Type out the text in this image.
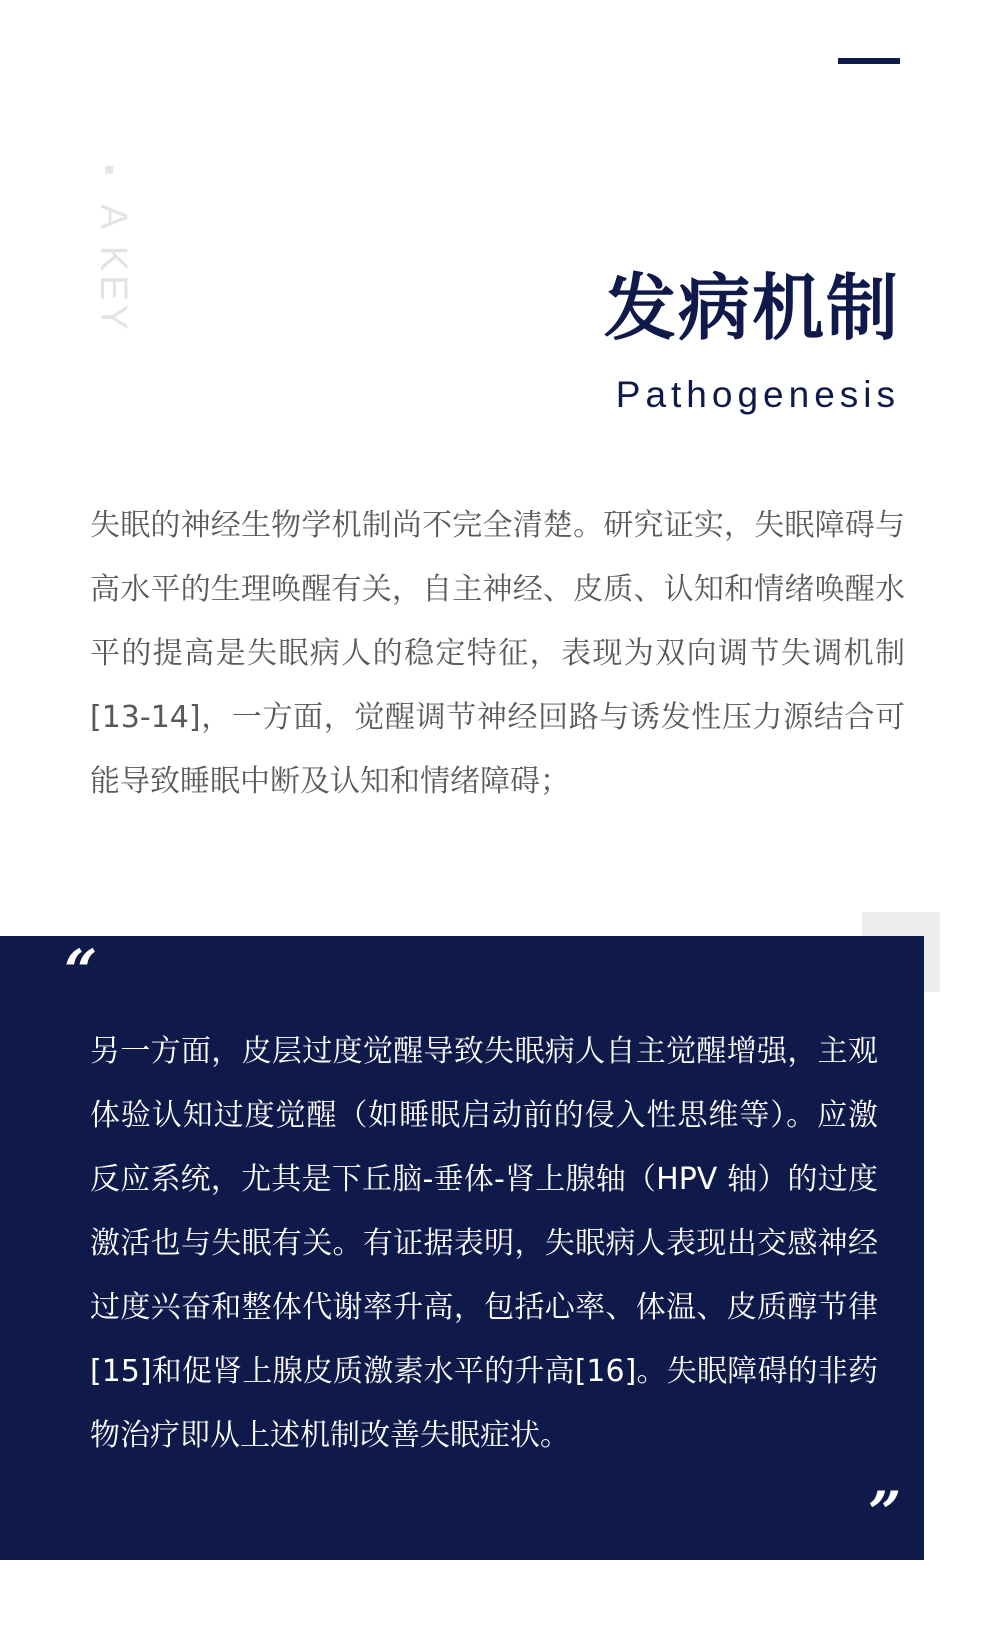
A KEY	发病机制
Pathogenesis

失眠的神经生物学机制尚不完全清楚。研究证实，失眠障碍与高水平的生理唤醒有关，自主神经、皮质、认知和情绪唤醒水平的提高是失眠病人的稳定特征，表现为双向调节失调机制[13-14]，一方面，觉醒调节神经回路与诱发性压力源结合可能导致睡眠中断及认知和情绪障碍；

“

另一方面，皮层过度觉醒导致失眠病人自主觉醒增强，主观体验认知过度觉醒（如睡眠启动前的侵入性思维等）。应激反应系统，尤其是下丘脑-垂体-肾上腺轴（HPV 轴）的过度激活也与失眠有关。有证据表明，失眠病人表现出交感神经过度兴奋和整体代谢率升高，包括心率、体温、皮质醇节律[15]和促肾上腺皮质激素水平的升高[16]。失眠障碍的非药物治疗即从上述机制改善失眠症状。

”
